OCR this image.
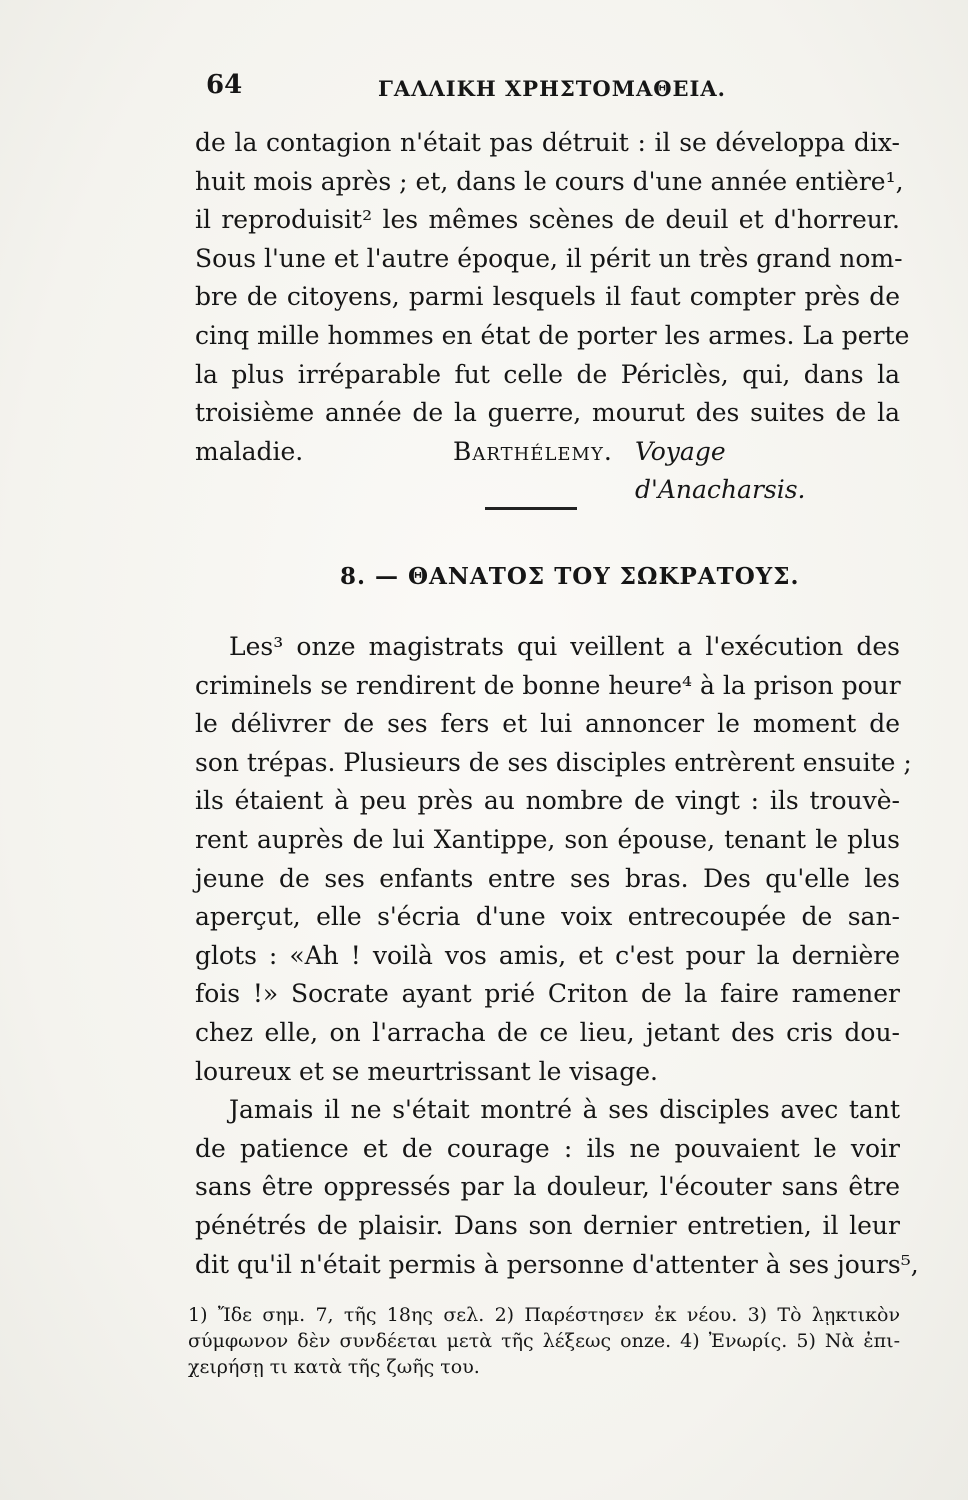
64	ΓΑΛΛΙΚΗ ΧΡΗΣΤΟΜΑΘΕΙΑ.
de la contagion n'était pas détruit : il se développa dix-
huit mois après ; et, dans le cours d'une année entière¹,
il reproduisit² les mêmes scènes de deuil et d'horreur.
Sous l'une et l'autre époque, il périt un très grand nom-
bre de citoyens, parmi lesquels il faut compter près de
cinq mille hommes en état de porter les armes. La perte
la plus irréparable fut celle de Périclès, qui, dans la
troisième année de la guerre, mourut des suites de la
maladie.	Barthélemy. Voyage d'Anacharsis.
8. — ΘΑΝΑΤΟΣ ΤΟΥ ΣΩΚΡΑΤΟΥΣ.
Les³ onze magistrats qui veillent a l'exécution des
criminels se rendirent de bonne heure⁴ à la prison pour
le délivrer de ses fers et lui annoncer le moment de
son trépas. Plusieurs de ses disciples entrèrent ensuite ;
ils étaient à peu près au nombre de vingt : ils trouvè-
rent auprès de lui Xantippe, son épouse, tenant le plus
jeune de ses enfants entre ses bras. Des qu'elle les
aperçut, elle s'écria d'une voix entrecoupée de san-
glots : «Ah ! voilà vos amis, et c'est pour la dernière
fois !» Socrate ayant prié Criton de la faire ramener
chez elle, on l'arracha de ce lieu, jetant des cris dou-
loureux et se meurtrissant le visage.
Jamais il ne s'était montré à ses disciples avec tant
de patience et de courage : ils ne pouvaient le voir
sans être oppressés par la douleur, l'écouter sans être
pénétrés de plaisir. Dans son dernier entretien, il leur
dit qu'il n'était permis à personne d'attenter à ses jours⁵,
1) Ἴδε σημ. 7, τῆς 18ης σελ. 2) Παρέστησεν ἐκ νέου. 3) Τὸ λῃκτικὸν
σύμφωνον δὲν συνδέεται μετὰ τῆς λέξεως onze. 4) Ἐνωρίς. 5) Νὰ ἐπι-
χειρήσῃ τι κατὰ τῆς ζωῆς του.
